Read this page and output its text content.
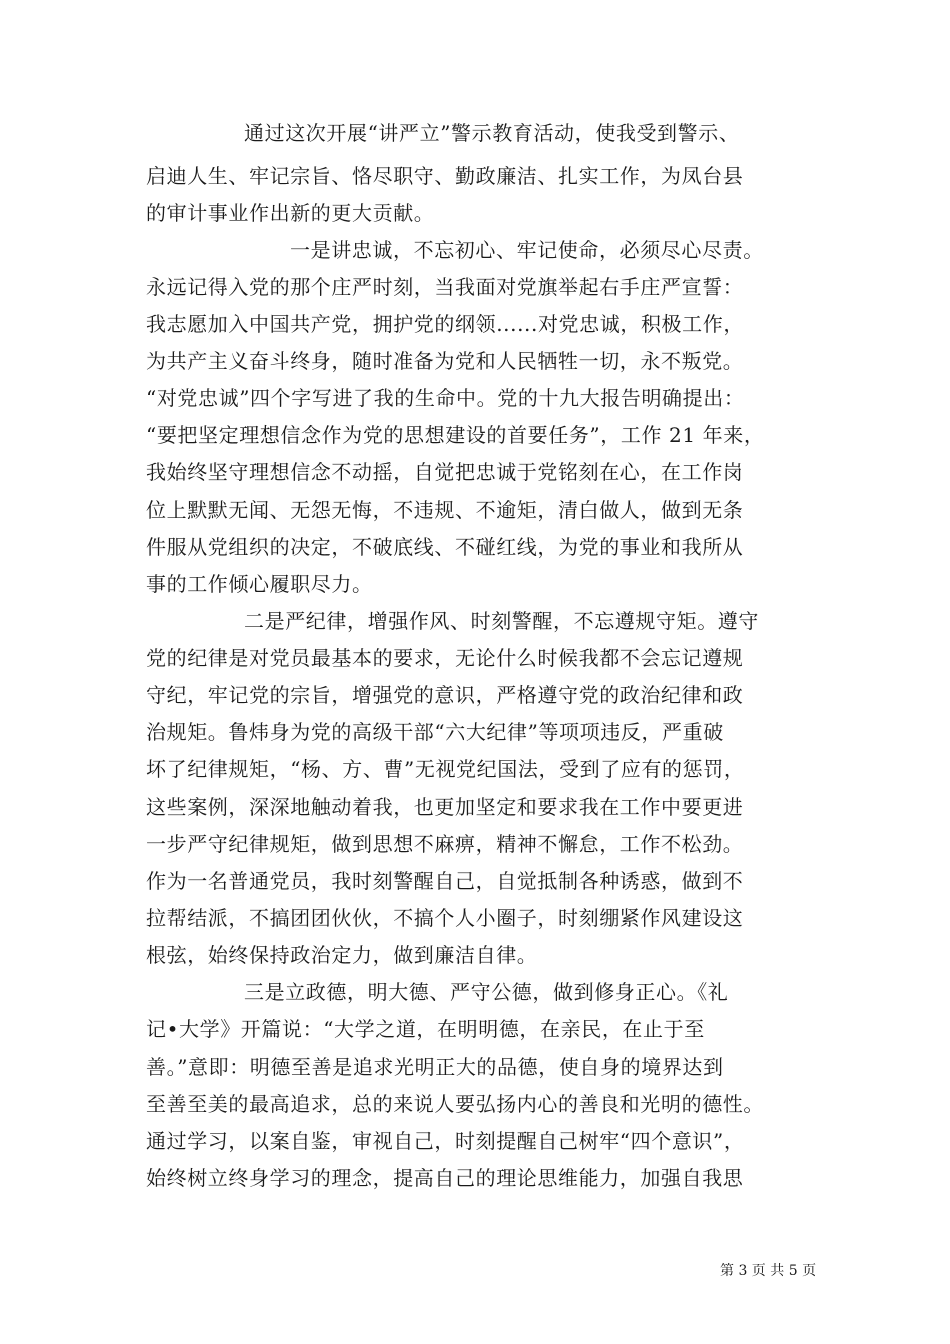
通过这次开展“讲严立”警示教育活动，使我受到警示、
启迪人生、牢记宗旨、恪尽职守、勤政廉洁、扎实工作，为凤台县
的审计事业作出新的更大贡献。
一是讲忠诚，不忘初心、牢记使命，必须尽心尽责。
永远记得入党的那个庄严时刻，当我面对党旗举起右手庄严宣誓：
我志愿加入中国共产党，拥护党的纲领......对党忠诚，积极工作，
为共产主义奋斗终身，随时准备为党和人民牺牲一切，永不叛党。
“对党忠诚”四个字写进了我的生命中。党的十九大报告明确提出：
“要把坚定理想信念作为党的思想建设的首要任务”，工作 21 年来，
我始终坚守理想信念不动摇，自觉把忠诚于党铭刻在心，在工作岗
位上默默无闻、无怨无悔，不违规、不逾矩，清白做人，做到无条
件服从党组织的决定，不破底线、不碰红线，为党的事业和我所从
事的工作倾心履职尽力。
二是严纪律，增强作风、时刻警醒，不忘遵规守矩。遵守
党的纪律是对党员最基本的要求，无论什么时候我都不会忘记遵规
守纪，牢记党的宗旨，增强党的意识，严格遵守党的政治纪律和政
治规矩。鲁炜身为党的高级干部“六大纪律”等项项违反，严重破
坏了纪律规矩，“杨、方、曹”无视党纪国法，受到了应有的惩罚，
这些案例，深深地触动着我，也更加坚定和要求我在工作中要更进
一步严守纪律规矩，做到思想不麻痹，精神不懈怠，工作不松劲。
作为一名普通党员，我时刻警醒自己，自觉抵制各种诱惑，做到不
拉帮结派，不搞团团伙伙，不搞个人小圈子，时刻绷紧作风建设这
根弦，始终保持政治定力，做到廉洁自律。
三是立政德，明大德、严守公德，做到修身正心。《礼
记•大学》开篇说：“大学之道，在明明德，在亲民，在止于至
善。”意即：明德至善是追求光明正大的品德，使自身的境界达到
至善至美的最高追求，总的来说人要弘扬内心的善良和光明的德性。
通过学习，以案自鉴，审视自己，时刻提醒自己树牢“四个意识”，
始终树立终身学习的理念，提高自己的理论思维能力，加强自我思
第 3 页 共 5 页
